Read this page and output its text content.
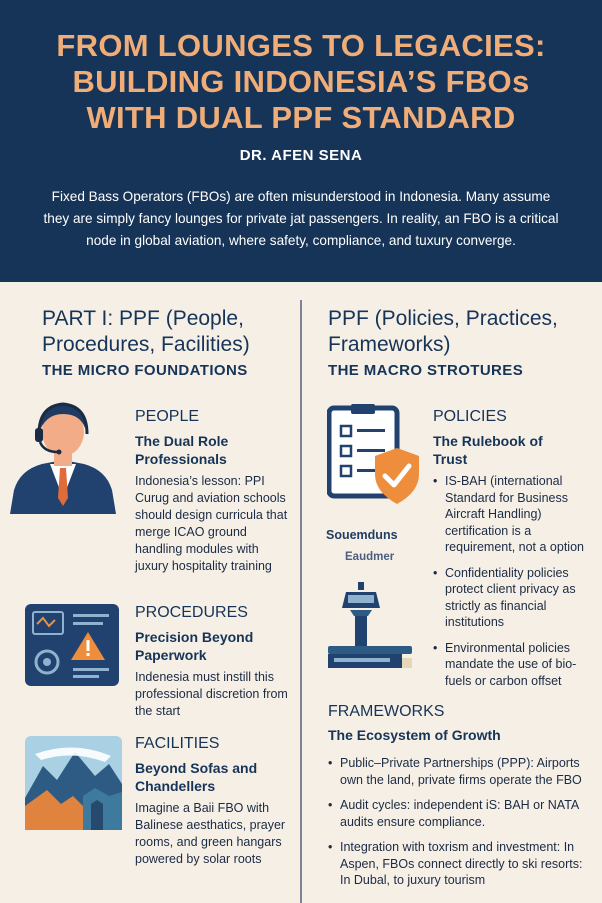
FROM LOUNGES TO LEGACIES:
BUILDING INDONESIA’S FBOs
WITH DUAL PPF STANDARD
DR. AFEN SENA
Fixed Bass Operators (FBOs) are often misunderstood in Indonesia. Many assume they are simply fancy lounges for private jat passengers. In reality, an FBO is a critical node in global aviation, where safety, compliance, and tuxury converge.
PART I: PPF (People, Procedures, Facilities)
THE MICRO FOUNDATIONS
PEOPLE
The Dual Role Professionals
Indonesia’s lesson: PPI Curug and aviation schools should design curricula that merge ICAO ground handling modules with juxury hospitality training
PROCEDURES
Precision Beyond Paperwork
Indenesia must instill this professional discretion from the start
FACILITIES
Beyond Sofas and Chandellers
Imagine a Baii FBO with Balinese aesthatics, prayer rooms, and green hangars powered by solar roots
PPF (Policies, Practices, Frameworks)
THE MACRO STROTURES
POLICIES
The Rulebook of Trust
• IS-BAH (international Standard for Business Aircraft Handling) certification is a requirement, not a option
• Confidentiality policies protect client privacy as strictly as financial institutions
• Environmental policies mandate the use of bio-fuels or carbon offset
Souemduns
Eaudmer
FRAMEWORKS
The Ecosystem of Growth
• Public–Private Partnerships (PPP): Airports own the land, private firms operate the FBO
• Audit cycles: independent iS: BAH or NATA audits ensure compliance.
• Integration with toxrism and investment: In Aspen, FBOs connect directly to ski resorts: In Dubal, to juxury tourism
